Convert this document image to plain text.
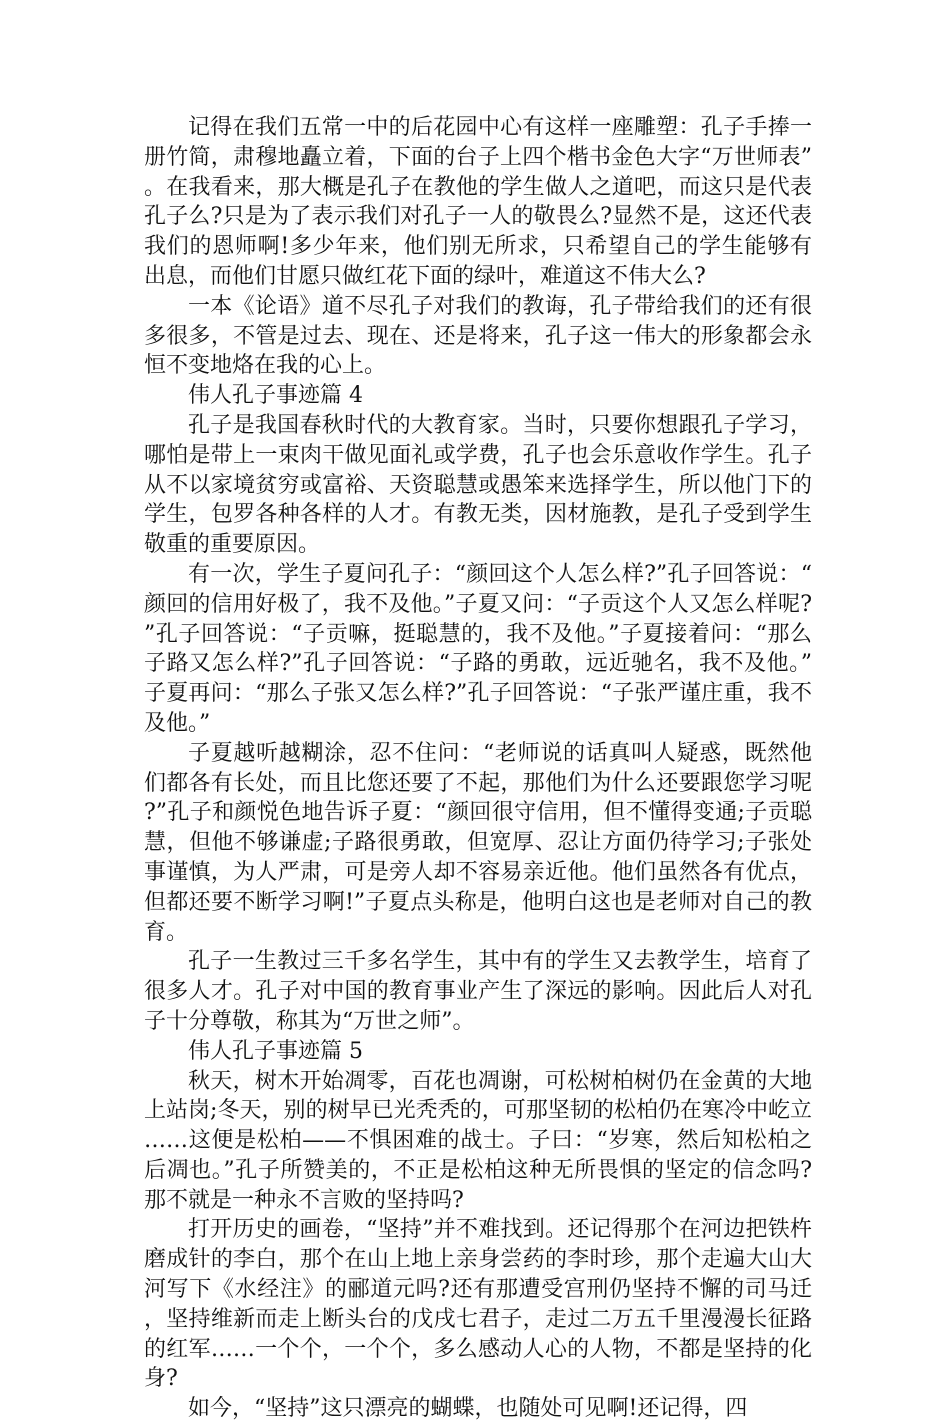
记得在我们五常一中的后花园中心有这样一座雕塑：孔子手捧一册竹简，肃穆地矗立着，下面的台子上四个楷书金色大字“万世师表”。在我看来，那大概是孔子在教他的学生做人之道吧，而这只是代表孔子么?只是为了表示我们对孔子一人的敬畏么?显然不是，这还代表我们的恩师啊!多少年来，他们别无所求，只希望自己的学生能够有出息，而他们甘愿只做红花下面的绿叶，难道这不伟大么?

一本《论语》道不尽孔子对我们的教诲，孔子带给我们的还有很多很多，不管是过去、现在、还是将来，孔子这一伟大的形象都会永恒不变地烙在我的心上。

伟人孔子事迹篇 4

孔子是我国春秋时代的大教育家。当时，只要你想跟孔子学习，哪怕是带上一束肉干做见面礼或学费，孔子也会乐意收作学生。孔子从不以家境贫穷或富裕、天资聪慧或愚笨来选择学生，所以他门下的学生，包罗各种各样的人才。有教无类，因材施教，是孔子受到学生敬重的重要原因。

有一次，学生子夏问孔子：“颜回这个人怎么样?”孔子回答说：“颜回的信用好极了，我不及他。”子夏又问：“子贡这个人又怎么样呢?”孔子回答说：“子贡嘛，挺聪慧的，我不及他。”子夏接着问：“那么子路又怎么样?”孔子回答说：“子路的勇敢，远近驰名，我不及他。”子夏再问：“那么子张又怎么样?”孔子回答说：“子张严谨庄重，我不及他。”

子夏越听越糊涂，忍不住问：“老师说的话真叫人疑惑，既然他们都各有长处，而且比您还要了不起，那他们为什么还要跟您学习呢?”孔子和颜悦色地告诉子夏：“颜回很守信用，但不懂得变通;子贡聪慧，但他不够谦虚;子路很勇敢，但宽厚、忍让方面仍待学习;子张处事谨慎，为人严肃，可是旁人却不容易亲近他。他们虽然各有优点，但都还要不断学习啊!”子夏点头称是，他明白这也是老师对自己的教育。

孔子一生教过三千多名学生，其中有的学生又去教学生，培育了很多人才。孔子对中国的教育事业产生了深远的影响。因此后人对孔子十分尊敬，称其为“万世之师”。

伟人孔子事迹篇 5

秋天，树木开始凋零，百花也凋谢，可松树柏树仍在金黄的大地上站岗;冬天，别的树早已光秃秃的，可那坚韧的松柏仍在寒冷中屹立……这便是松柏——不惧困难的战士。子曰：“岁寒，然后知松柏之后凋也。”孔子所赞美的，不正是松柏这种无所畏惧的坚定的信念吗?那不就是一种永不言败的坚持吗?

打开历史的画卷，“坚持”并不难找到。还记得那个在河边把铁杵磨成针的李白，那个在山上地上亲身尝药的李时珍，那个走遍大山大河写下《水经注》的郦道元吗?还有那遭受宫刑仍坚持不懈的司马迁，坚持维新而走上断头台的戊戌七君子，走过二万五千里漫漫长征路的红军……一个个，一个个，多么感动人心的人物，不都是坚持的化身?

如今，“坚持”这只漂亮的蝴蝶，也随处可见啊!还记得，四
